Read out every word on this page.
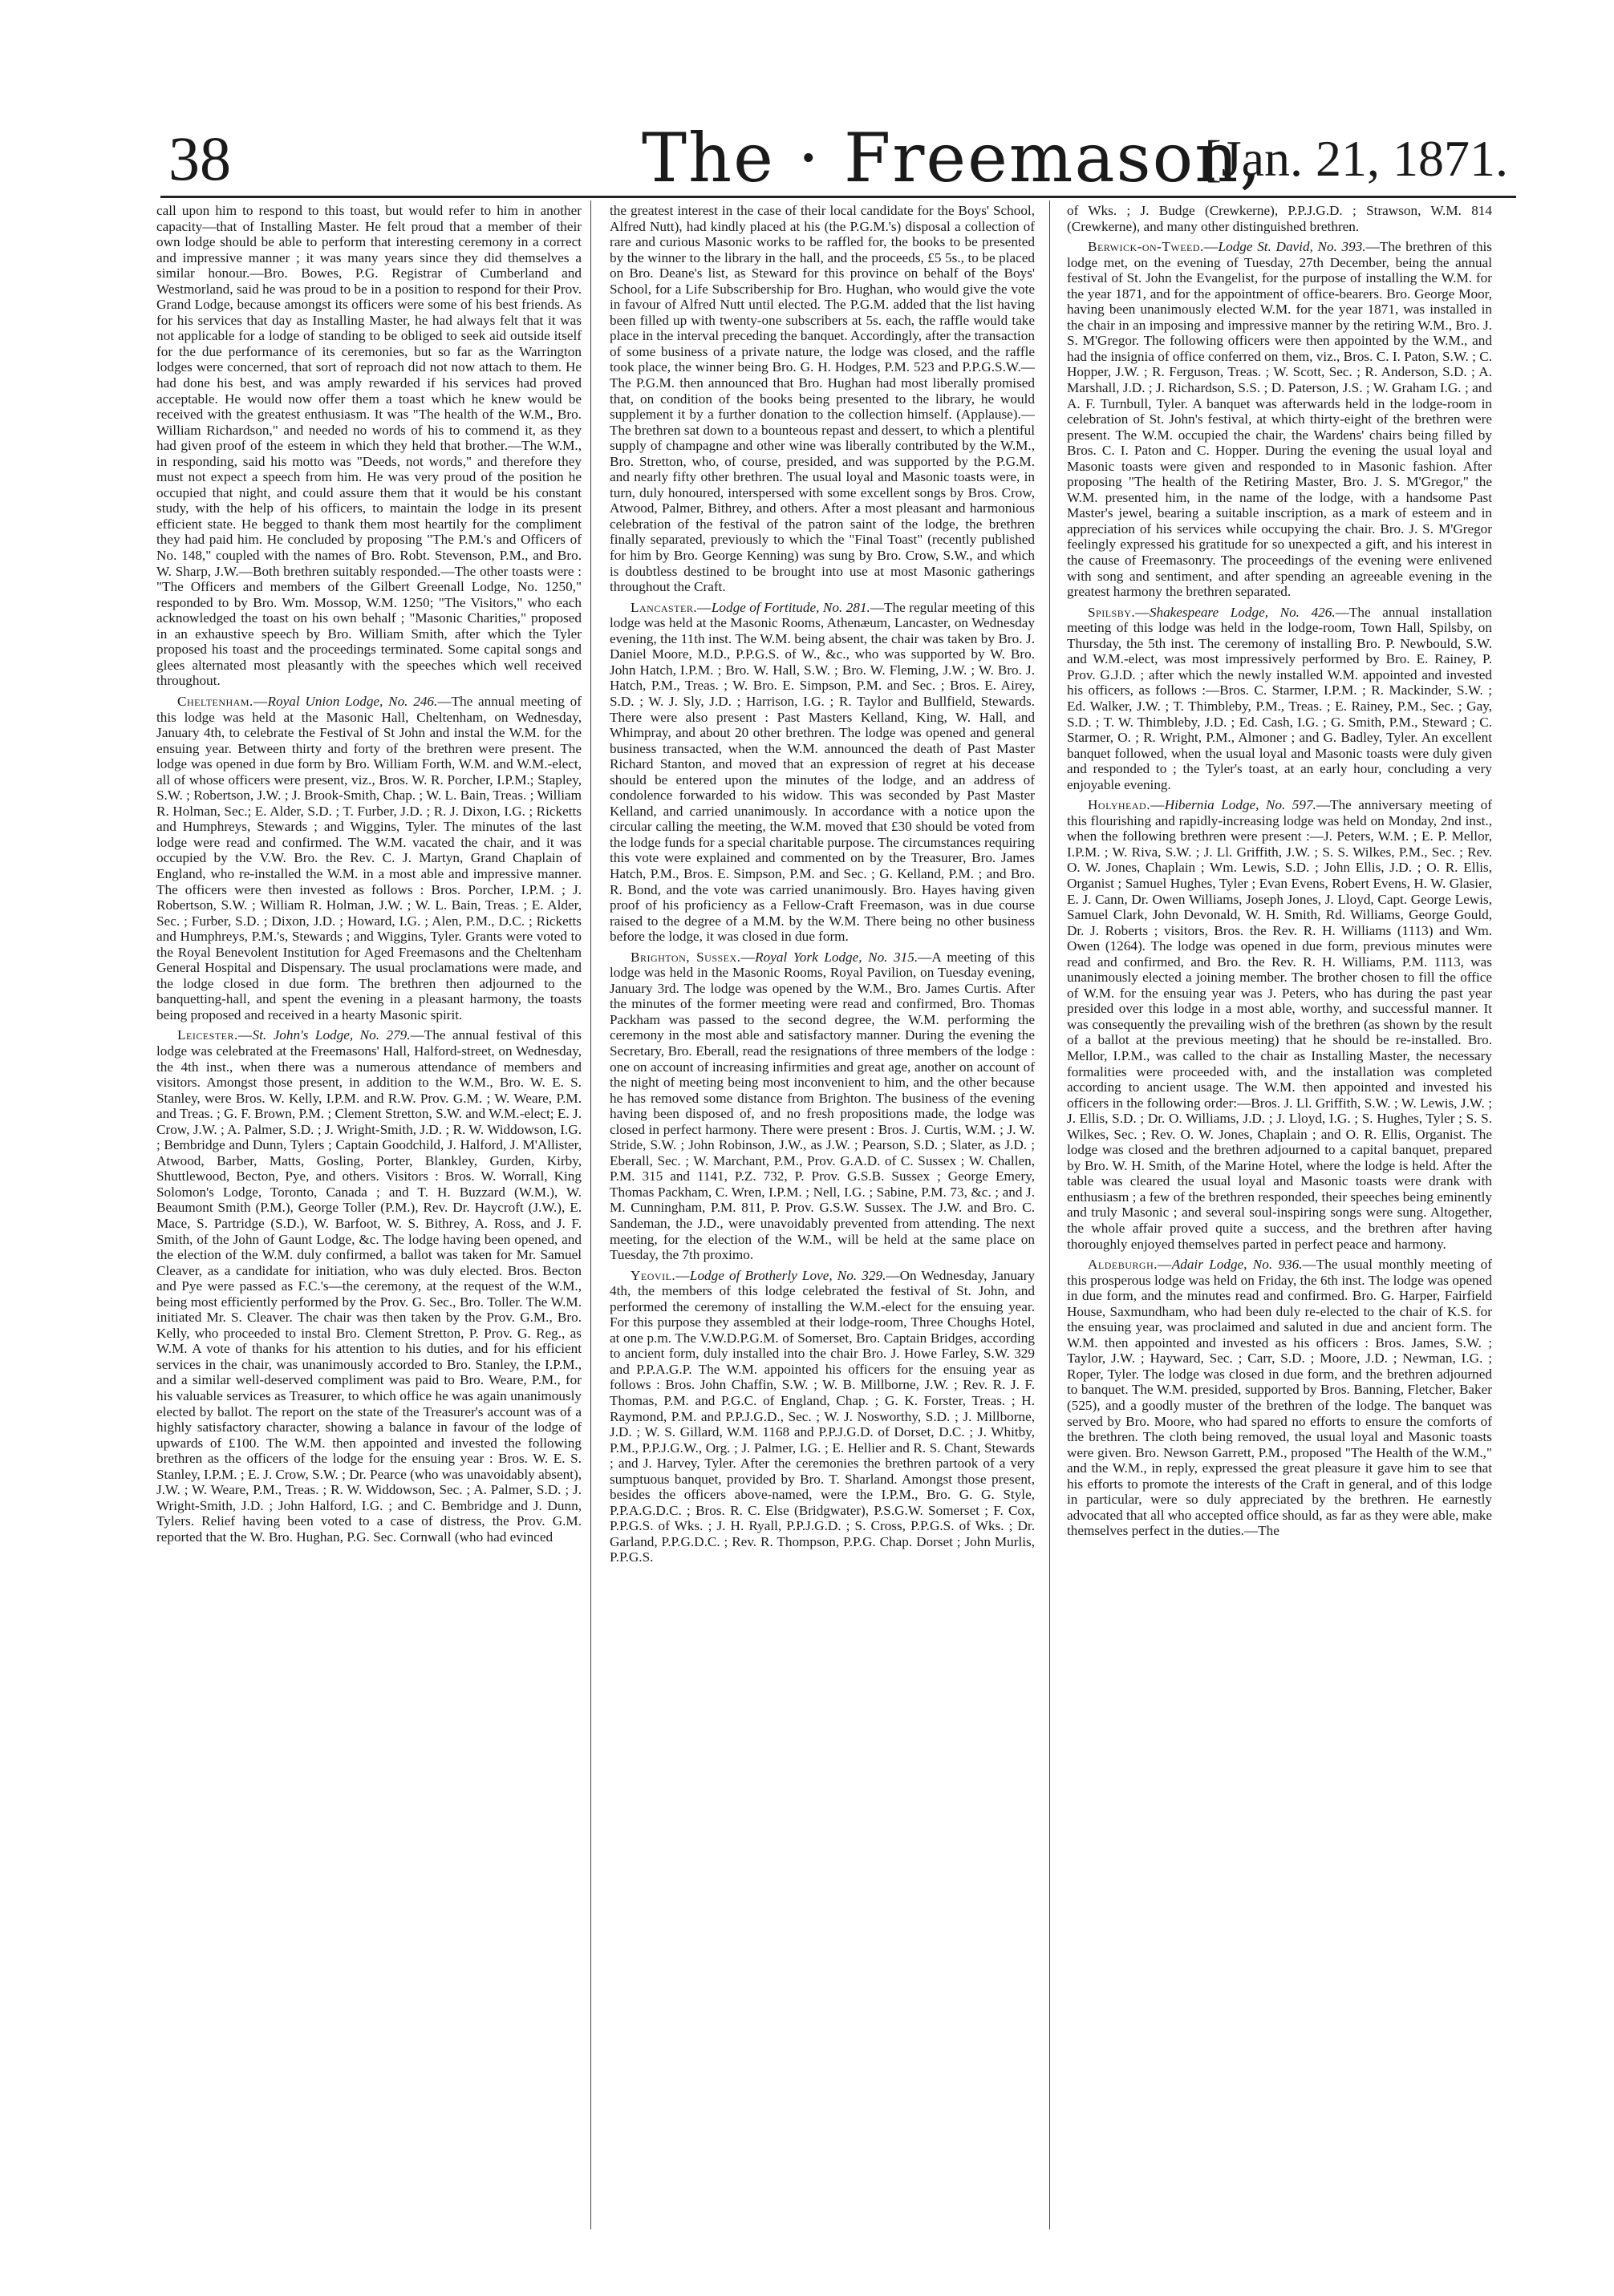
38	The · Freemason,
[Jan. 21, 1871.

call upon him to respond to this toast, but would refer to him in another capacity—that of Installing Master. He felt proud that a member of their own lodge should be able to perform that interesting ceremony in a correct and impressive manner ; it was many years since they did themselves a similar honour.—Bro. Bowes, P.G. Registrar of Cumberland and Westmorland, said he was proud to be in a position to respond for their Prov. Grand Lodge, because amongst its officers were some of his best friends. As for his services that day as Installing Master, he had always felt that it was not applicable for a lodge of standing to be obliged to seek aid outside itself for the due performance of its ceremonies, but so far as the Warrington lodges were concerned, that sort of reproach did not now attach to them. He had done his best, and was amply rewarded if his services had proved acceptable. He would now offer them a toast which he knew would be received with the greatest enthusiasm. It was "The health of the W.M., Bro. William Richardson," and needed no words of his to commend it, as they had given proof of the esteem in which they held that brother.—The W.M., in responding, said his motto was "Deeds, not words," and therefore they must not expect a speech from him. He was very proud of the position he occupied that night, and could assure them that it would be his constant study, with the help of his officers, to maintain the lodge in its present efficient state. He begged to thank them most heartily for the compliment they had paid him. He concluded by proposing "The P.M.'s and Officers of No. 148," coupled with the names of Bro. Robt. Stevenson, P.M., and Bro. W. Sharp, J.W.—Both brethren suitably responded.—The other toasts were : "The Officers and members of the Gilbert Greenall Lodge, No. 1250," responded to by Bro. Wm. Mossop, W.M. 1250; "The Visitors," who each acknowledged the toast on his own behalf ; "Masonic Charities," proposed in an exhaustive speech by Bro. William Smith, after which the Tyler proposed his toast and the proceedings terminated. Some capital songs and glees alternated most pleasantly with the speeches which well received throughout.

Cheltenham.—Royal Union Lodge, No. 246.—The annual meeting of this lodge was held at the Masonic Hall, Cheltenham, on Wednesday, January 4th, to celebrate the Festival of St John and instal the W.M. for the ensuing year. Between thirty and forty of the brethren were present. The lodge was opened in due form by Bro. William Forth, W.M. and W.M.-elect, all of whose officers were present, viz., Bros. W. R. Porcher, I.P.M.; Stapley, S.W. ; Robertson, J.W. ; J. Brook-Smith, Chap. ; W. L. Bain, Treas. ; William R. Holman, Sec.; E. Alder, S.D. ; T. Furber, J.D. ; R. J. Dixon, I.G. ; Ricketts and Humphreys, Stewards ; and Wiggins, Tyler. The minutes of the last lodge were read and confirmed. The W.M. vacated the chair, and it was occupied by the V.W. Bro. the Rev. C. J. Martyn, Grand Chaplain of England, who re-installed the W.M. in a most able and impressive manner. The officers were then invested as follows : Bros. Porcher, I.P.M. ; J. Robertson, S.W. ; William R. Holman, J.W. ; W. L. Bain, Treas. ; E. Alder, Sec. ; Furber, S.D. ; Dixon, J.D. ; Howard, I.G. ; Alen, P.M., D.C. ; Ricketts and Humphreys, P.M.'s, Stewards ; and Wiggins, Tyler. Grants were voted to the Royal Benevolent Institution for Aged Freemasons and the Cheltenham General Hospital and Dispensary. The usual proclamations were made, and the lodge closed in due form. The brethren then adjourned to the banquetting-hall, and spent the evening in a pleasant harmony, the toasts being proposed and received in a hearty Masonic spirit.

Leicester.—St. John's Lodge, No. 279.—The annual festival of this lodge was celebrated at the Freemasons' Hall, Halford-street, on Wednesday, the 4th inst., when there was a numerous attendance of members and visitors. Amongst those present, in addition to the W.M., Bro. W. E. S. Stanley, were Bros. W. Kelly, I.P.M. and R.W. Prov. G.M. ; W. Weare, P.M. and Treas. ; G. F. Brown, P.M. ; Clement Stretton, S.W. and W.M.-elect; E. J. Crow, J.W. ; A. Palmer, S.D. ; J. Wright-Smith, J.D. ; R. W. Widdowson, I.G. ; Bembridge and Dunn, Tylers ; Captain Goodchild, J. Halford, J. M'Allister, Atwood, Barber, Matts, Gosling, Porter, Blankley, Gurden, Kirby, Shuttlewood, Becton, Pye, and others. Visitors : Bros. W. Worrall, King Solomon's Lodge, Toronto, Canada ; and T. H. Buzzard (W.M.), W. Beaumont Smith (P.M.), George Toller (P.M.), Rev. Dr. Haycroft (J.W.), E. Mace, S. Partridge (S.D.), W. Barfoot, W. S. Bithrey, A. Ross, and J. F. Smith, of the John of Gaunt Lodge, &c. The lodge having been opened, and the election of the W.M. duly confirmed, a ballot was taken for Mr. Samuel Cleaver, as a candidate for initiation, who was duly elected. Bros. Becton and Pye were passed as F.C.'s—the ceremony, at the request of the W.M., being most efficiently performed by the Prov. G. Sec., Bro. Toller. The W.M. initiated Mr. S. Cleaver. The chair was then taken by the Prov. G.M., Bro. Kelly, who proceeded to instal Bro. Clement Stretton, P. Prov. G. Reg., as W.M. A vote of thanks for his attention to his duties, and for his efficient services in the chair, was unanimously accorded to Bro. Stanley, the I.P.M., and a similar well-deserved compliment was paid to Bro. Weare, P.M., for his valuable services as Treasurer, to which office he was again unanimously elected by ballot. The report on the state of the Treasurer's account was of a highly satisfactory character, showing a balance in favour of the lodge of upwards of £100. The W.M. then appointed and invested the following brethren as the officers of the lodge for the ensuing year : Bros. W. E. S. Stanley, I.P.M. ; E. J. Crow, S.W. ; Dr. Pearce (who was unavoidably absent), J.W. ; W. Weare, P.M., Treas. ; R. W. Widdowson, Sec. ; A. Palmer, S.D. ; J. Wright-Smith, J.D. ; John Halford, I.G. ; and C. Bembridge and J. Dunn, Tylers. Relief having been voted to a case of distress, the Prov. G.M. reported that the W. Bro. Hughan, P.G. Sec. Cornwall (who had evinced

the greatest interest in the case of their local candidate for the Boys' School, Alfred Nutt), had kindly placed at his (the P.G.M.'s) disposal a collection of rare and curious Masonic works to be raffled for, the books to be presented by the winner to the library in the hall, and the proceeds, £5 5s., to be placed on Bro. Deane's list, as Steward for this province on behalf of the Boys' School, for a Life Subscribership for Bro. Hughan, who would give the vote in favour of Alfred Nutt until elected. The P.G.M. added that the list having been filled up with twenty-one subscribers at 5s. each, the raffle would take place in the interval preceding the banquet. Accordingly, after the transaction of some business of a private nature, the lodge was closed, and the raffle took place, the winner being Bro. G. H. Hodges, P.M. 523 and P.P.G.S.W.—The P.G.M. then announced that Bro. Hughan had most liberally promised that, on condition of the books being presented to the library, he would supplement it by a further donation to the collection himself. (Applause).—The brethren sat down to a bounteous repast and dessert, to which a plentiful supply of champagne and other wine was liberally contributed by the W.M., Bro. Stretton, who, of course, presided, and was supported by the P.G.M. and nearly fifty other brethren. The usual loyal and Masonic toasts were, in turn, duly honoured, interspersed with some excellent songs by Bros. Crow, Atwood, Palmer, Bithrey, and others. After a most pleasant and harmonious celebration of the festival of the patron saint of the lodge, the brethren finally separated, previously to which the "Final Toast" (recently published for him by Bro. George Kenning) was sung by Bro. Crow, S.W., and which is doubtless destined to be brought into use at most Masonic gatherings throughout the Craft.

Lancaster.—Lodge of Fortitude, No. 281.—The regular meeting of this lodge was held at the Masonic Rooms, Athenæum, Lancaster, on Wednesday evening, the 11th inst. The W.M. being absent, the chair was taken by Bro. J. Daniel Moore, M.D., P.P.G.S. of W., &c., who was supported by W. Bro. John Hatch, I.P.M. ; Bro. W. Hall, S.W. ; Bro. W. Fleming, J.W. ; W. Bro. J. Hatch, P.M., Treas. ; W. Bro. E. Simpson, P.M. and Sec. ; Bros. E. Airey, S.D. ; W. J. Sly, J.D. ; Harrison, I.G. ; R. Taylor and Bullfield, Stewards. There were also present : Past Masters Kelland, King, W. Hall, and Whimpray, and about 20 other brethren. The lodge was opened and general business transacted, when the W.M. announced the death of Past Master Richard Stanton, and moved that an expression of regret at his decease should be entered upon the minutes of the lodge, and an address of condolence forwarded to his widow. This was seconded by Past Master Kelland, and carried unanimously. In accordance with a notice upon the circular calling the meeting, the W.M. moved that £30 should be voted from the lodge funds for a special charitable purpose. The circumstances requiring this vote were explained and commented on by the Treasurer, Bro. James Hatch, P.M., Bros. E. Simpson, P.M. and Sec. ; G. Kelland, P.M. ; and Bro. R. Bond, and the vote was carried unanimously. Bro. Hayes having given proof of his proficiency as a Fellow-Craft Freemason, was in due course raised to the degree of a M.M. by the W.M. There being no other business before the lodge, it was closed in due form.

Brighton, Sussex.—Royal York Lodge, No. 315.—A meeting of this lodge was held in the Masonic Rooms, Royal Pavilion, on Tuesday evening, January 3rd. The lodge was opened by the W.M., Bro. James Curtis. After the minutes of the former meeting were read and confirmed, Bro. Thomas Packham was passed to the second degree, the W.M. performing the ceremony in the most able and satisfactory manner. During the evening the Secretary, Bro. Eberall, read the resignations of three members of the lodge : one on account of increasing infirmities and great age, another on account of the night of meeting being most inconvenient to him, and the other because he has removed some distance from Brighton. The business of the evening having been disposed of, and no fresh propositions made, the lodge was closed in perfect harmony. There were present : Bros. J. Curtis, W.M. ; J. W. Stride, S.W. ; John Robinson, J.W., as J.W. ; Pearson, S.D. ; Slater, as J.D. ; Eberall, Sec. ; W. Marchant, P.M., Prov. G.A.D. of C. Sussex ; W. Challen, P.M. 315 and 1141, P.Z. 732, P. Prov. G.S.B. Sussex ; George Emery, Thomas Packham, C. Wren, I.P.M. ; Nell, I.G. ; Sabine, P.M. 73, &c. ; and J. M. Cunningham, P.M. 811, P. Prov. G.S.W. Sussex. The J.W. and Bro. C. Sandeman, the J.D., were unavoidably prevented from attending. The next meeting, for the election of the W.M., will be held at the same place on Tuesday, the 7th proximo.

Yeovil.—Lodge of Brotherly Love, No. 329.—On Wednesday, January 4th, the members of this lodge celebrated the festival of St. John, and performed the ceremony of installing the W.M.-elect for the ensuing year. For this purpose they assembled at their lodge-room, Three Choughs Hotel, at one p.m. The V.W.D.P.G.M. of Somerset, Bro. Captain Bridges, according to ancient form, duly installed into the chair Bro. J. Howe Farley, S.W. 329 and P.P.A.G.P. The W.M. appointed his officers for the ensuing year as follows : Bros. John Chaffin, S.W. ; W. B. Millborne, J.W. ; Rev. R. J. F. Thomas, P.M. and P.G.C. of England, Chap. ; G. K. Forster, Treas. ; H. Raymond, P.M. and P.P.J.G.D., Sec. ; W. J. Nosworthy, S.D. ; J. Millborne, J.D. ; W. S. Gillard, W.M. 1168 and P.P.J.G.D. of Dorset, D.C. ; J. Whitby, P.M., P.P.J.G.W., Org. ; J. Palmer, I.G. ; E. Hellier and R. S. Chant, Stewards ; and J. Harvey, Tyler. After the ceremonies the brethren partook of a very sumptuous banquet, provided by Bro. T. Sharland. Amongst those present, besides the officers above-named, were the I.P.M., Bro. G. G. Style, P.P.A.G.D.C. ; Bros. R. C. Else (Bridgwater), P.S.G.W. Somerset ; F. Cox, P.P.G.S. of Wks. ; J. H. Ryall, P.P.J.G.D. ; S. Cross, P.P.G.S. of Wks. ; Dr. Garland, P.P.G.D.C. ; Rev. R. Thompson, P.P.G. Chap. Dorset ; John Murlis, P.P.G.S.

of Wks. ; J. Budge (Crewkerne), P.P.J.G.D. ; Strawson, W.M. 814 (Crewkerne), and many other distinguished brethren.

Berwick-on-Tweed.—Lodge St. David, No. 393.—The brethren of this lodge met, on the evening of Tuesday, 27th December, being the annual festival of St. John the Evangelist, for the purpose of installing the W.M. for the year 1871, and for the appointment of office-bearers. Bro. George Moor, having been unanimously elected W.M. for the year 1871, was installed in the chair in an imposing and impressive manner by the retiring W.M., Bro. J. S. M'Gregor. The following officers were then appointed by the W.M., and had the insignia of office conferred on them, viz., Bros. C. I. Paton, S.W. ; C. Hopper, J.W. ; R. Ferguson, Treas. ; W. Scott, Sec. ; R. Anderson, S.D. ; A. Marshall, J.D. ; J. Richardson, S.S. ; D. Paterson, J.S. ; W. Graham I.G. ; and A. F. Turnbull, Tyler. A banquet was afterwards held in the lodge-room in celebration of St. John's festival, at which thirty-eight of the brethren were present. The W.M. occupied the chair, the Wardens' chairs being filled by Bros. C. I. Paton and C. Hopper. During the evening the usual loyal and Masonic toasts were given and responded to in Masonic fashion. After proposing "The health of the Retiring Master, Bro. J. S. M'Gregor," the W.M. presented him, in the name of the lodge, with a handsome Past Master's jewel, bearing a suitable inscription, as a mark of esteem and in appreciation of his services while occupying the chair. Bro. J. S. M'Gregor feelingly expressed his gratitude for so unexpected a gift, and his interest in the cause of Freemasonry. The proceedings of the evening were enlivened with song and sentiment, and after spending an agreeable evening in the greatest harmony the brethren separated.

Spilsby.—Shakespeare Lodge, No. 426.—The annual installation meeting of this lodge was held in the lodge-room, Town Hall, Spilsby, on Thursday, the 5th inst. The ceremony of installing Bro. P. Newbould, S.W. and W.M.-elect, was most impressively performed by Bro. E. Rainey, P. Prov. G.J.D. ; after which the newly installed W.M. appointed and invested his officers, as follows :—Bros. C. Starmer, I.P.M. ; R. Mackinder, S.W. ; Ed. Walker, J.W. ; T. Thimbleby, P.M., Treas. ; E. Rainey, P.M., Sec. ; Gay, S.D. ; T. W. Thimbleby, J.D. ; Ed. Cash, I.G. ; G. Smith, P.M., Steward ; C. Starmer, O. ; R. Wright, P.M., Almoner ; and G. Badley, Tyler. An excellent banquet followed, when the usual loyal and Masonic toasts were duly given and responded to ; the Tyler's toast, at an early hour, concluding a very enjoyable evening.

Holyhead.—Hibernia Lodge, No. 597.—The anniversary meeting of this flourishing and rapidly-increasing lodge was held on Monday, 2nd inst., when the following brethren were present :—J. Peters, W.M. ; E. P. Mellor, I.P.M. ; W. Riva, S.W. ; J. Ll. Griffith, J.W. ; S. S. Wilkes, P.M., Sec. ; Rev. O. W. Jones, Chaplain ; Wm. Lewis, S.D. ; John Ellis, J.D. ; O. R. Ellis, Organist ; Samuel Hughes, Tyler ; Evan Evens, Robert Evens, H. W. Glasier, E. J. Cann, Dr. Owen Williams, Joseph Jones, J. Lloyd, Capt. George Lewis, Samuel Clark, John Devonald, W. H. Smith, Rd. Williams, George Gould, Dr. J. Roberts ; visitors, Bros. the Rev. R. H. Williams (1113) and Wm. Owen (1264). The lodge was opened in due form, previous minutes were read and confirmed, and Bro. the Rev. R. H. Williams, P.M. 1113, was unanimously elected a joining member. The brother chosen to fill the office of W.M. for the ensuing year was J. Peters, who has during the past year presided over this lodge in a most able, worthy, and successful manner. It was consequently the prevailing wish of the brethren (as shown by the result of a ballot at the previous meeting) that he should be re-installed. Bro. Mellor, I.P.M., was called to the chair as Installing Master, the necessary formalities were proceeded with, and the installation was completed according to ancient usage. The W.M. then appointed and invested his officers in the following order:—Bros. J. Ll. Griffith, S.W. ; W. Lewis, J.W. ; J. Ellis, S.D. ; Dr. O. Williams, J.D. ; J. Lloyd, I.G. ; S. Hughes, Tyler ; S. S. Wilkes, Sec. ; Rev. O. W. Jones, Chaplain ; and O. R. Ellis, Organist. The lodge was closed and the brethren adjourned to a capital banquet, prepared by Bro. W. H. Smith, of the Marine Hotel, where the lodge is held. After the table was cleared the usual loyal and Masonic toasts were drank with enthusiasm ; a few of the brethren responded, their speeches being eminently and truly Masonic ; and several soul-inspiring songs were sung. Altogether, the whole affair proved quite a success, and the brethren after having thoroughly enjoyed themselves parted in perfect peace and harmony.

Aldeburgh.—Adair Lodge, No. 936.—The usual monthly meeting of this prosperous lodge was held on Friday, the 6th inst. The lodge was opened in due form, and the minutes read and confirmed. Bro. G. Harper, Fairfield House, Saxmundham, who had been duly re-elected to the chair of K.S. for the ensuing year, was proclaimed and saluted in due and ancient form. The W.M. then appointed and invested as his officers : Bros. James, S.W. ; Taylor, J.W. ; Hayward, Sec. ; Carr, S.D. ; Moore, J.D. ; Newman, I.G. ; Roper, Tyler. The lodge was closed in due form, and the brethren adjourned to banquet. The W.M. presided, supported by Bros. Banning, Fletcher, Baker (525), and a goodly muster of the brethren of the lodge. The banquet was served by Bro. Moore, who had spared no efforts to ensure the comforts of the brethren. The cloth being removed, the usual loyal and Masonic toasts were given. Bro. Newson Garrett, P.M., proposed "The Health of the W.M.," and the W.M., in reply, expressed the great pleasure it gave him to see that his efforts to promote the interests of the Craft in general, and of this lodge in particular, were so duly appreciated by the brethren. He earnestly advocated that all who accepted office should, as far as they were able, make themselves perfect in the duties.—The
